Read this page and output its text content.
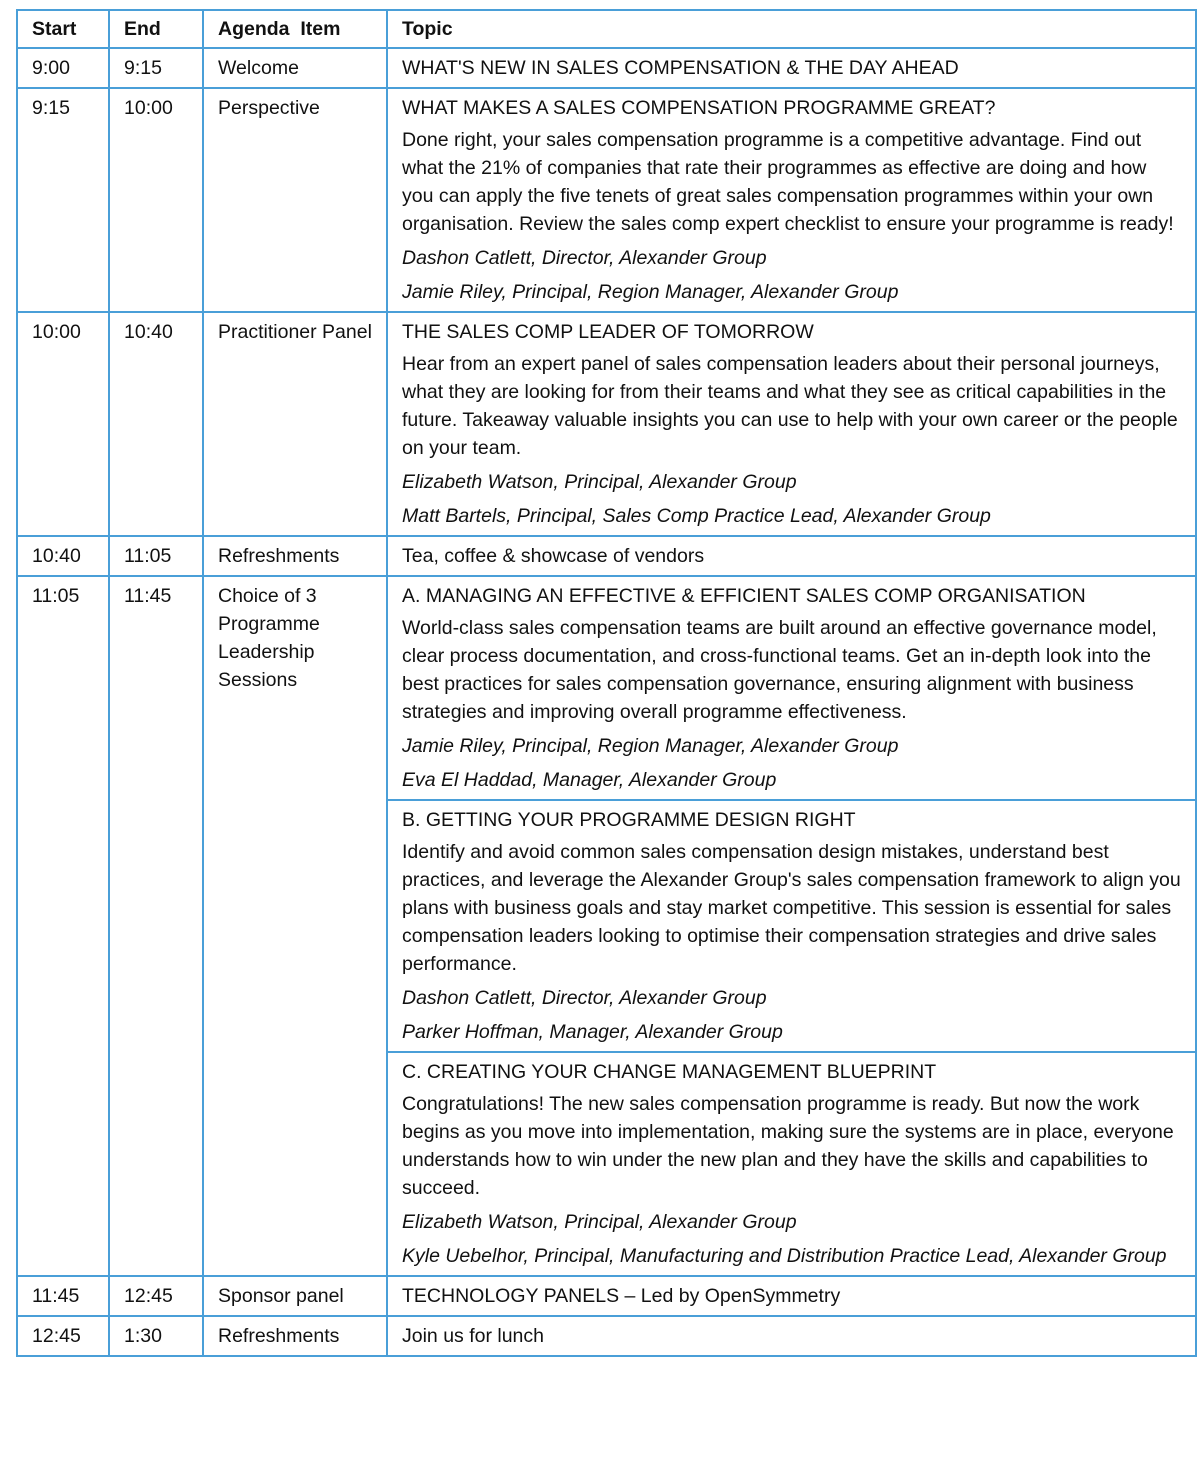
Start	End	Agenda  Item	Topic

9:00	9:15	Welcome	WHAT'S NEW IN SALES COMPENSATION & THE DAY AHEAD

9:15	10:00	Perspective	WHAT MAKES A SALES COMPENSATION PROGRAMME GREAT?
Done right, your sales compensation programme is a competitive advantage. Find out what the 21% of companies that rate their programmes as effective are doing and how you can apply the five tenets of great sales compensation programmes within your own organisation. Review the sales comp expert checklist to ensure your programme is ready!
Dashon Catlett, Director, Alexander Group
Jamie Riley, Principal, Region Manager, Alexander Group

10:00	10:40	Practitioner Panel	THE SALES COMP LEADER OF TOMORROW
Hear from an expert panel of sales compensation leaders about their personal journeys, what they are looking for from their teams and what they see as critical capabilities in the future. Takeaway valuable insights you can use to help with your own career or the people on your team.
Elizabeth Watson, Principal, Alexander Group
Matt Bartels, Principal, Sales Comp Practice Lead, Alexander Group

10:40	11:05	Refreshments	Tea, coffee & showcase of vendors

11:05	11:45	Choice of 3 Programme Leadership Sessions	A. MANAGING AN EFFECTIVE & EFFICIENT SALES COMP ORGANISATION
World-class sales compensation teams are built around an effective governance model, clear process documentation, and cross-functional teams. Get an in-depth look into the best practices for sales compensation governance, ensuring alignment with business strategies and improving overall programme effectiveness.
Jamie Riley, Principal, Region Manager, Alexander Group
Eva El Haddad, Manager, Alexander Group

			B. GETTING YOUR PROGRAMME DESIGN RIGHT
Identify and avoid common sales compensation design mistakes, understand best practices, and leverage the Alexander Group's sales compensation framework to align you plans with business goals and stay market competitive. This session is essential for sales compensation leaders looking to optimise their compensation strategies and drive sales performance.
Dashon Catlett, Director, Alexander Group
Parker Hoffman, Manager, Alexander Group

			C. CREATING YOUR CHANGE MANAGEMENT BLUEPRINT
Congratulations! The new sales compensation programme is ready. But now the work begins as you move into implementation, making sure the systems are in place, everyone understands how to win under the new plan and they have the skills and capabilities to succeed.
Elizabeth Watson, Principal, Alexander Group
Kyle Uebelhor, Principal, Manufacturing and Distribution Practice Lead, Alexander Group

11:45	12:45	Sponsor panel	TECHNOLOGY PANELS – Led by OpenSymmetry

12:45	1:30	Refreshments	Join us for lunch
